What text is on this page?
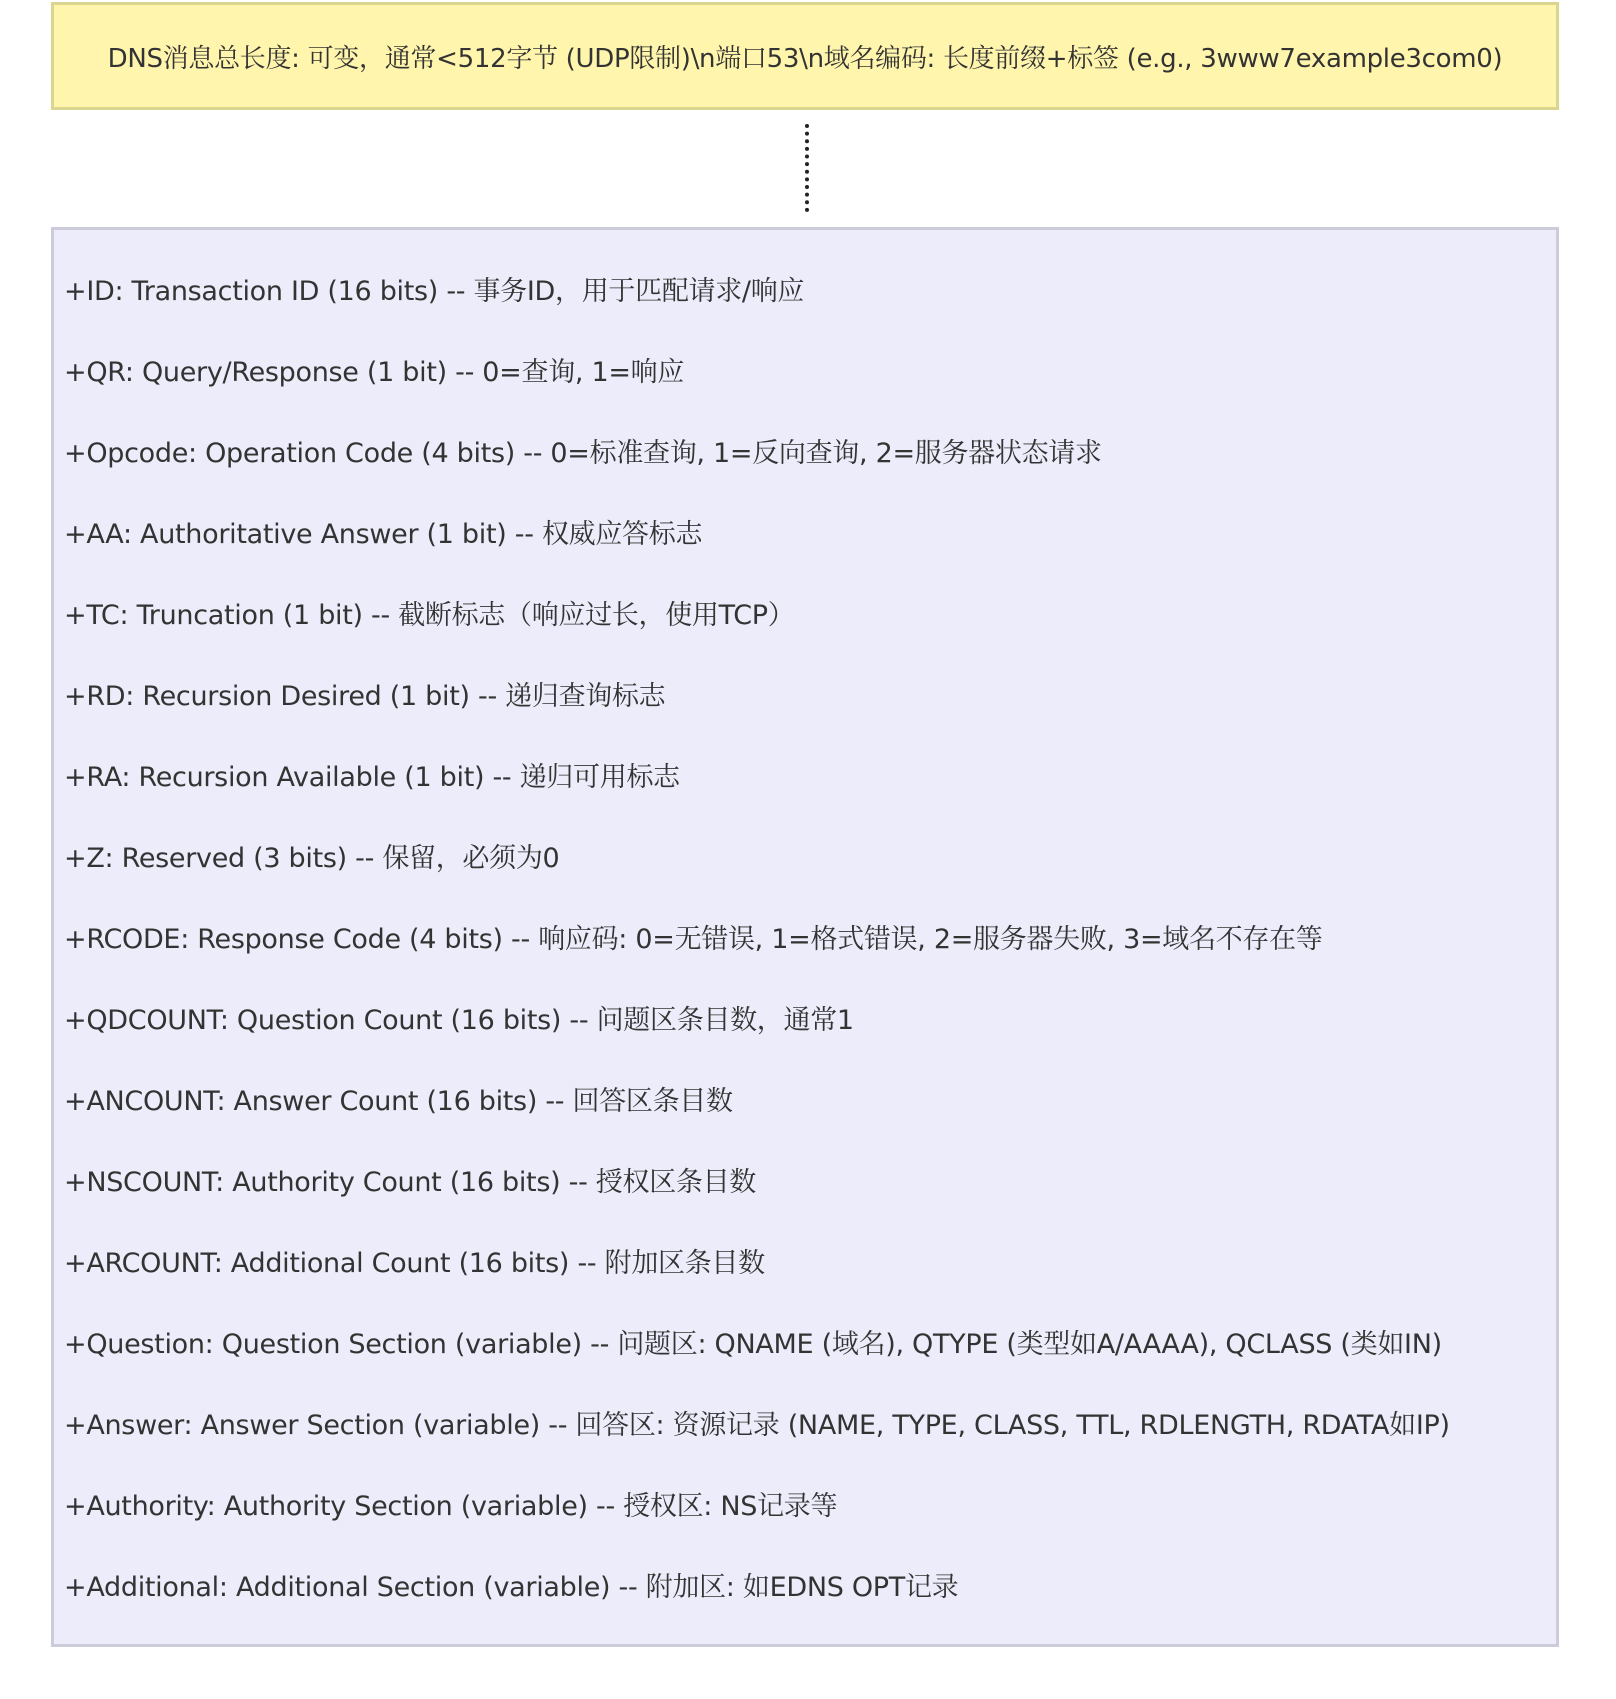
DNS消息总长度: 可变，通常<512字节 (UDP限制)\n端口53\n域名编码: 长度前缀+标签 (e.g., 3www7example3com0)
+ID: Transaction ID (16 bits) -- 事务ID，用于匹配请求/响应
+QR: Query/Response (1 bit) -- 0=查询, 1=响应
+Opcode: Operation Code (4 bits) -- 0=标准查询, 1=反向查询, 2=服务器状态请求
+AA: Authoritative Answer (1 bit) -- 权威应答标志
+TC: Truncation (1 bit) -- 截断标志（响应过长，使用TCP）
+RD: Recursion Desired (1 bit) -- 递归查询标志
+RA: Recursion Available (1 bit) -- 递归可用标志
+Z: Reserved (3 bits) -- 保留，必须为0
+RCODE: Response Code (4 bits) -- 响应码: 0=无错误, 1=格式错误, 2=服务器失败, 3=域名不存在等
+QDCOUNT: Question Count (16 bits) -- 问题区条目数，通常1
+ANCOUNT: Answer Count (16 bits) -- 回答区条目数
+NSCOUNT: Authority Count (16 bits) -- 授权区条目数
+ARCOUNT: Additional Count (16 bits) -- 附加区条目数
+Question: Question Section (variable) -- 问题区: QNAME (域名), QTYPE (类型如A/AAAA), QCLASS (类如IN)
+Answer: Answer Section (variable) -- 回答区: 资源记录 (NAME, TYPE, CLASS, TTL, RDLENGTH, RDATA如IP)
+Authority: Authority Section (variable) -- 授权区: NS记录等
+Additional: Additional Section (variable) -- 附加区: 如EDNS OPT记录
